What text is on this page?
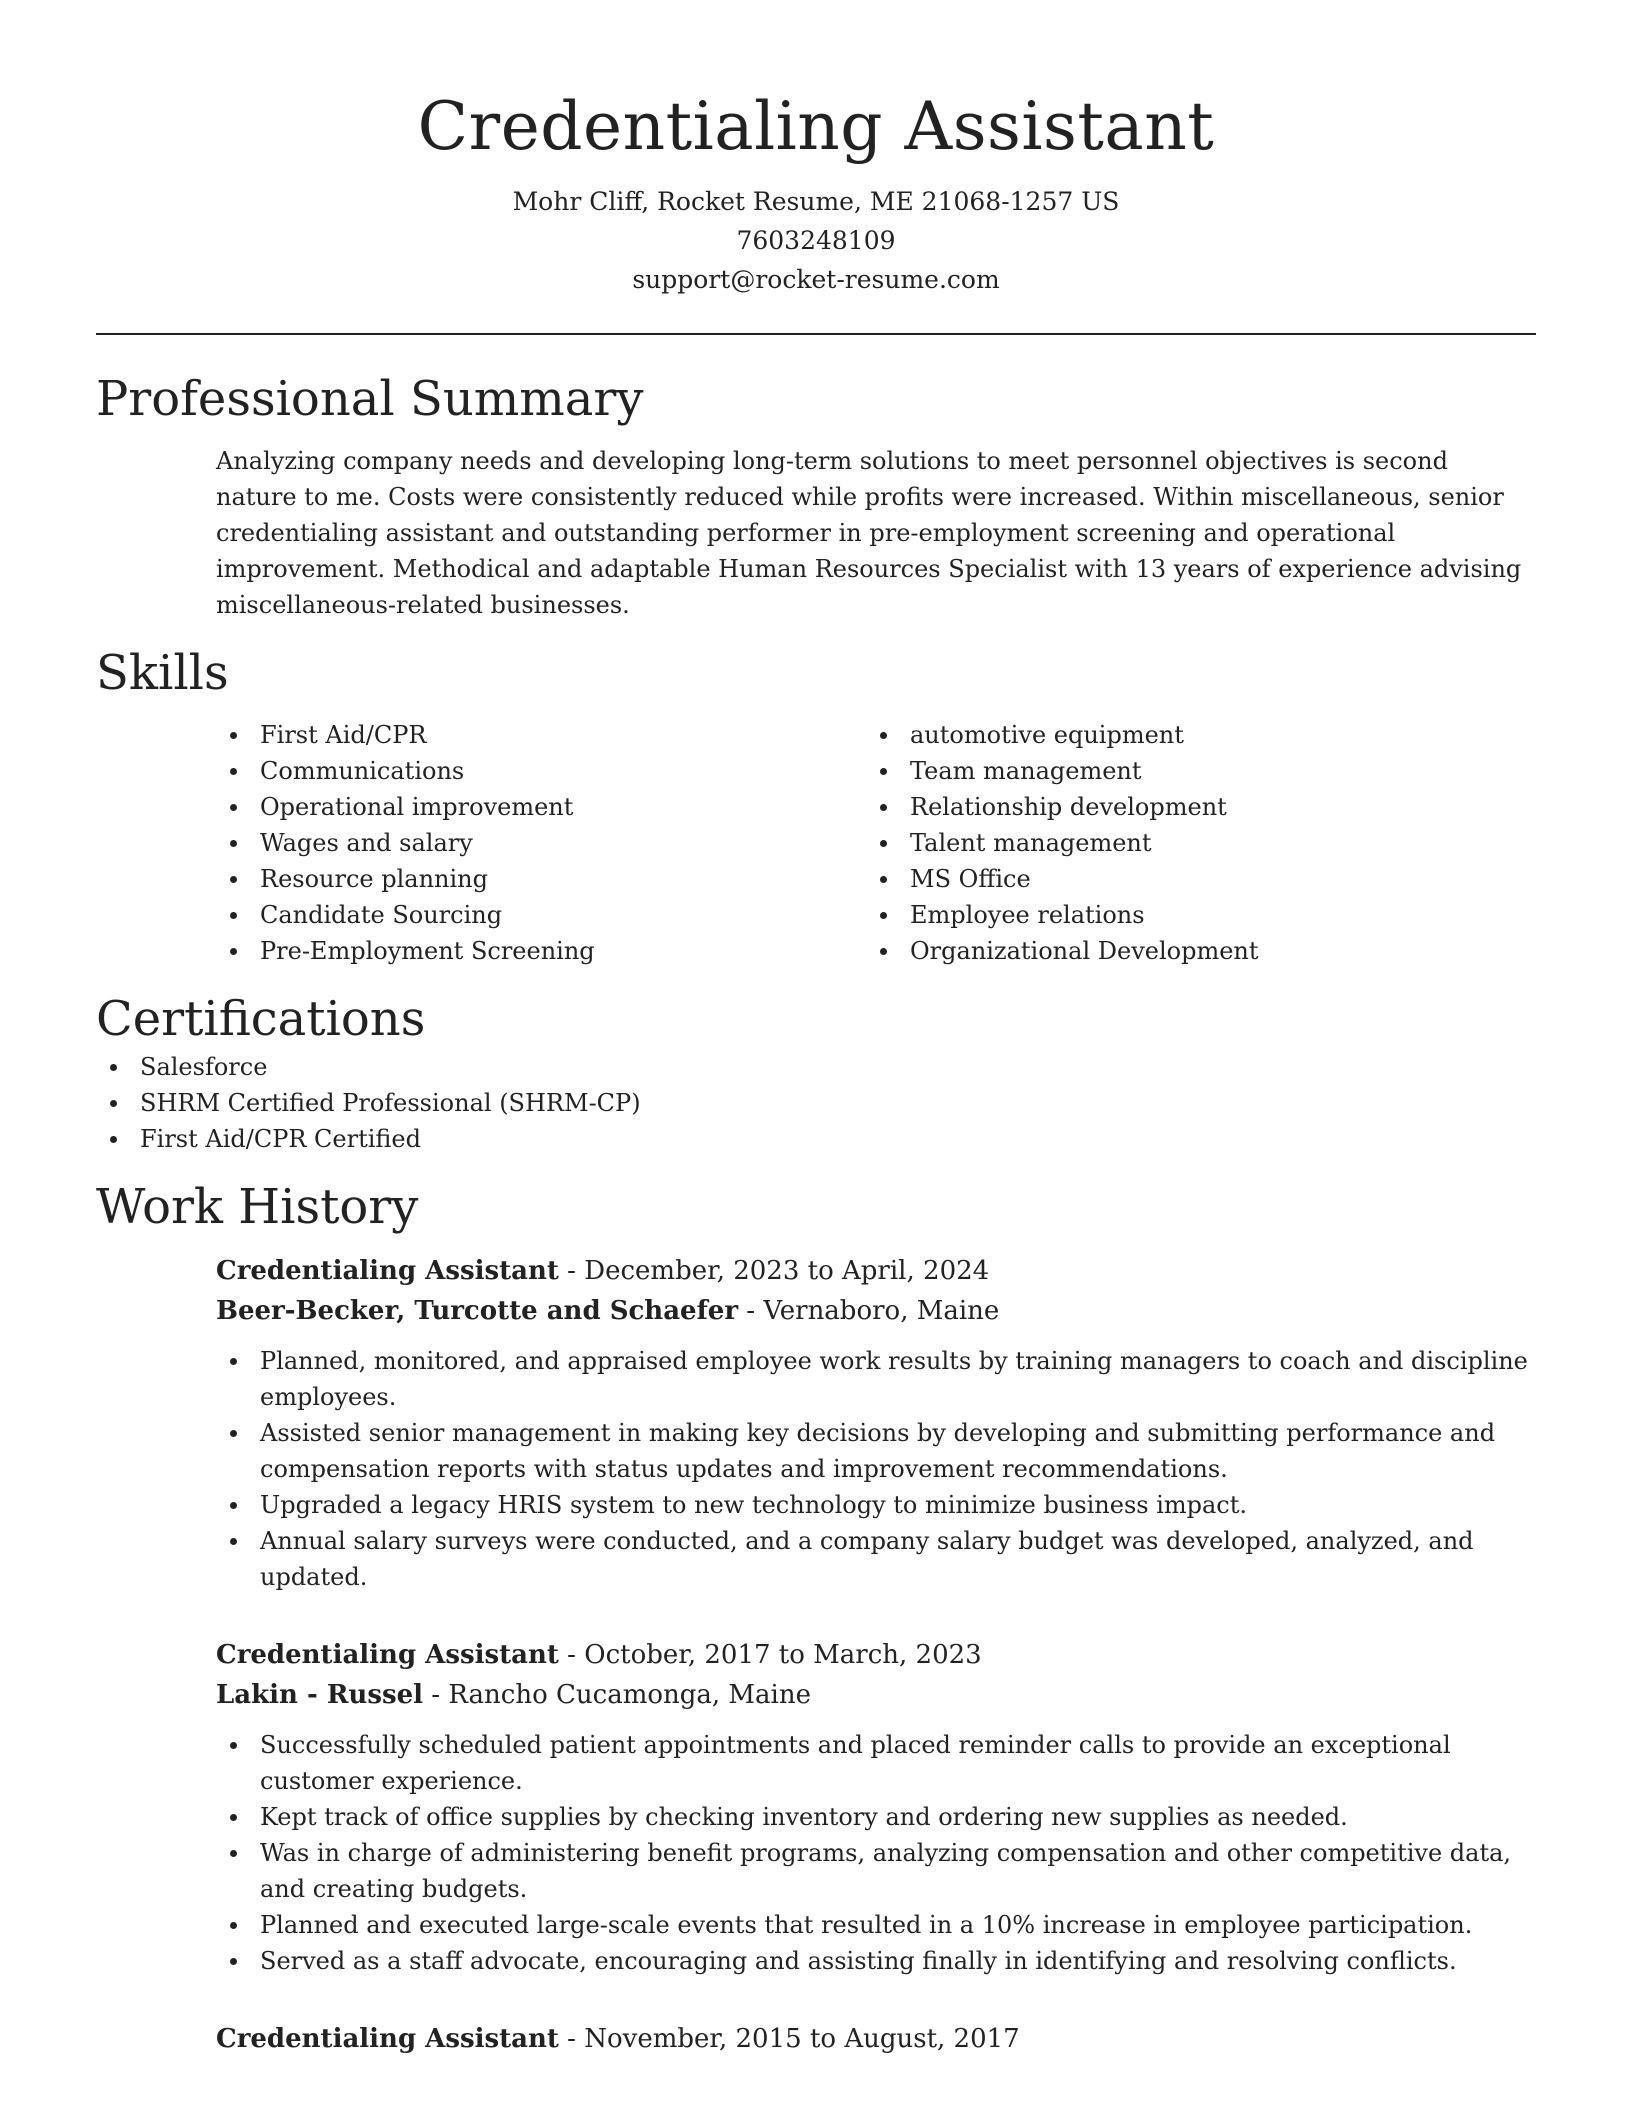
Credentialing Assistant
Mohr Cliff, Rocket Resume, ME 21068-1257 US
7603248109
support@rocket-resume.com
Professional Summary

Analyzing company needs and developing long-term solutions to meet personnel objectives is second nature to me. Costs were consistently reduced while profits were increased. Within miscellaneous, senior credentialing assistant and outstanding performer in pre-employment screening and operational improvement. Methodical and adaptable Human Resources Specialist with 13 years of experience advising miscellaneous-related businesses.

Skills
First Aid/CPR
Communications
Operational improvement
Wages and salary
Resource planning
Candidate Sourcing
Pre-Employment Screening
automotive equipment
Team management
Relationship development
Talent management
MS Office
Employee relations
Organizational Development
Certifications
Salesforce
SHRM Certified Professional (SHRM-CP)
First Aid/CPR Certified
Work History
Credentialing Assistant - December, 2023 to April, 2024
Beer-Becker, Turcotte and Schaefer - Vernaboro, Maine
Planned, monitored, and appraised employee work results by training managers to coach and discipline employees.
Assisted senior management in making key decisions by developing and submitting performance and compensation reports with status updates and improvement recommendations.
Upgraded a legacy HRIS system to new technology to minimize business impact.
Annual salary surveys were conducted, and a company salary budget was developed, analyzed, and updated.
Credentialing Assistant - October, 2017 to March, 2023
Lakin - Russel - Rancho Cucamonga, Maine
Successfully scheduled patient appointments and placed reminder calls to provide an exceptional customer experience.
Kept track of office supplies by checking inventory and ordering new supplies as needed.
Was in charge of administering benefit programs, analyzing compensation and other competitive data, and creating budgets.
Planned and executed large-scale events that resulted in a 10% increase in employee participation.
Served as a staff advocate, encouraging and assisting finally in identifying and resolving conflicts.
Credentialing Assistant - November, 2015 to August, 2017
